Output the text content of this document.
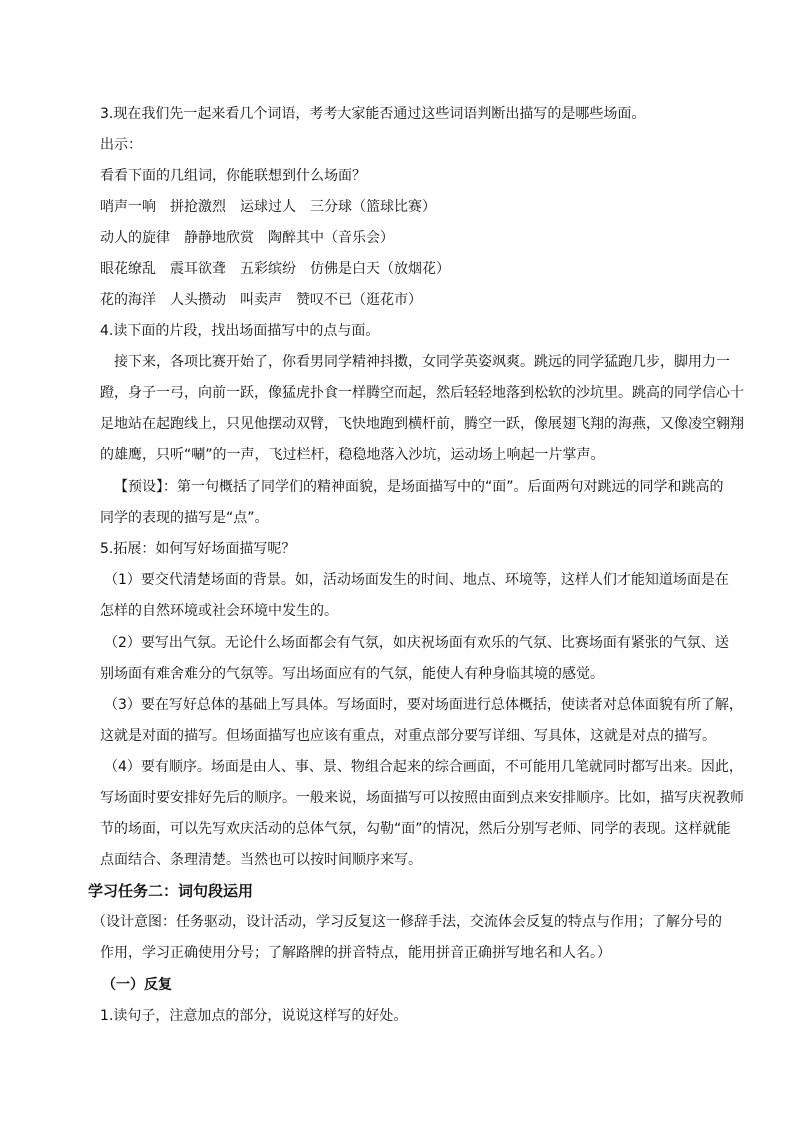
3.现在我们先一起来看几个词语，考考大家能否通过这些词语判断出描写的是哪些场面。
出示：
看看下面的几组词，你能联想到什么场面？
哨声一响　拼抢激烈　运球过人　三分球（篮球比赛）
动人的旋律　静静地欣赏　陶醉其中（音乐会）
眼花缭乱　震耳欲聋　五彩缤纷　仿佛是白天（放烟花）
花的海洋　人头攒动　叫卖声　赞叹不已（逛花市）
4.读下面的片段，找出场面描写中的点与面。
接下来，各项比赛开始了，你看男同学精神抖擞，女同学英姿飒爽。跳远的同学猛跑几步，脚用力一
蹬，身子一弓，向前一跃，像猛虎扑食一样腾空而起，然后轻轻地落到松软的沙坑里。跳高的同学信心十
足地站在起跑线上，只见他摆动双臂，飞快地跑到横杆前，腾空一跃，像展翅飞翔的海燕，又像凌空翱翔
的雄鹰，只听“唰”的一声，飞过栏杆，稳稳地落入沙坑，运动场上响起一片掌声。
【预设】：第一句概括了同学们的精神面貌，是场面描写中的“面”。后面两句对跳远的同学和跳高的
同学的表现的描写是“点”。
5.拓展：如何写好场面描写呢？
（1）要交代清楚场面的背景。如，活动场面发生的时间、地点、环境等，这样人们才能知道场面是在
怎样的自然环境或社会环境中发生的。
（2）要写出气氛。无论什么场面都会有气氛，如庆祝场面有欢乐的气氛、比赛场面有紧张的气氛、送
别场面有难舍难分的气氛等。写出场面应有的气氛，能使人有种身临其境的感觉。
（3）要在写好总体的基础上写具体。写场面时，要对场面进行总体概括，使读者对总体面貌有所了解，
这就是对面的描写。但场面描写也应该有重点，对重点部分要写详细、写具体，这就是对点的描写。
（4）要有顺序。场面是由人、事、景、物组合起来的综合画面，不可能用几笔就同时都写出来。因此，
写场面时要安排好先后的顺序。一般来说，场面描写可以按照由面到点来安排顺序。比如，描写庆祝教师
节的场面，可以先写欢庆活动的总体气氛，勾勒“面”的情况，然后分别写老师、同学的表现。这样就能
点面结合、条理清楚。当然也可以按时间顺序来写。
学习任务二：词句段运用
（设计意图：任务驱动，设计活动，学习反复这一修辞手法，交流体会反复的特点与作用；了解分号的
作用，学习正确使用分号；了解路牌的拼音特点，能用拼音正确拼写地名和人名。）
（一）反复
1.读句子，注意加点的部分，说说这样写的好处。
